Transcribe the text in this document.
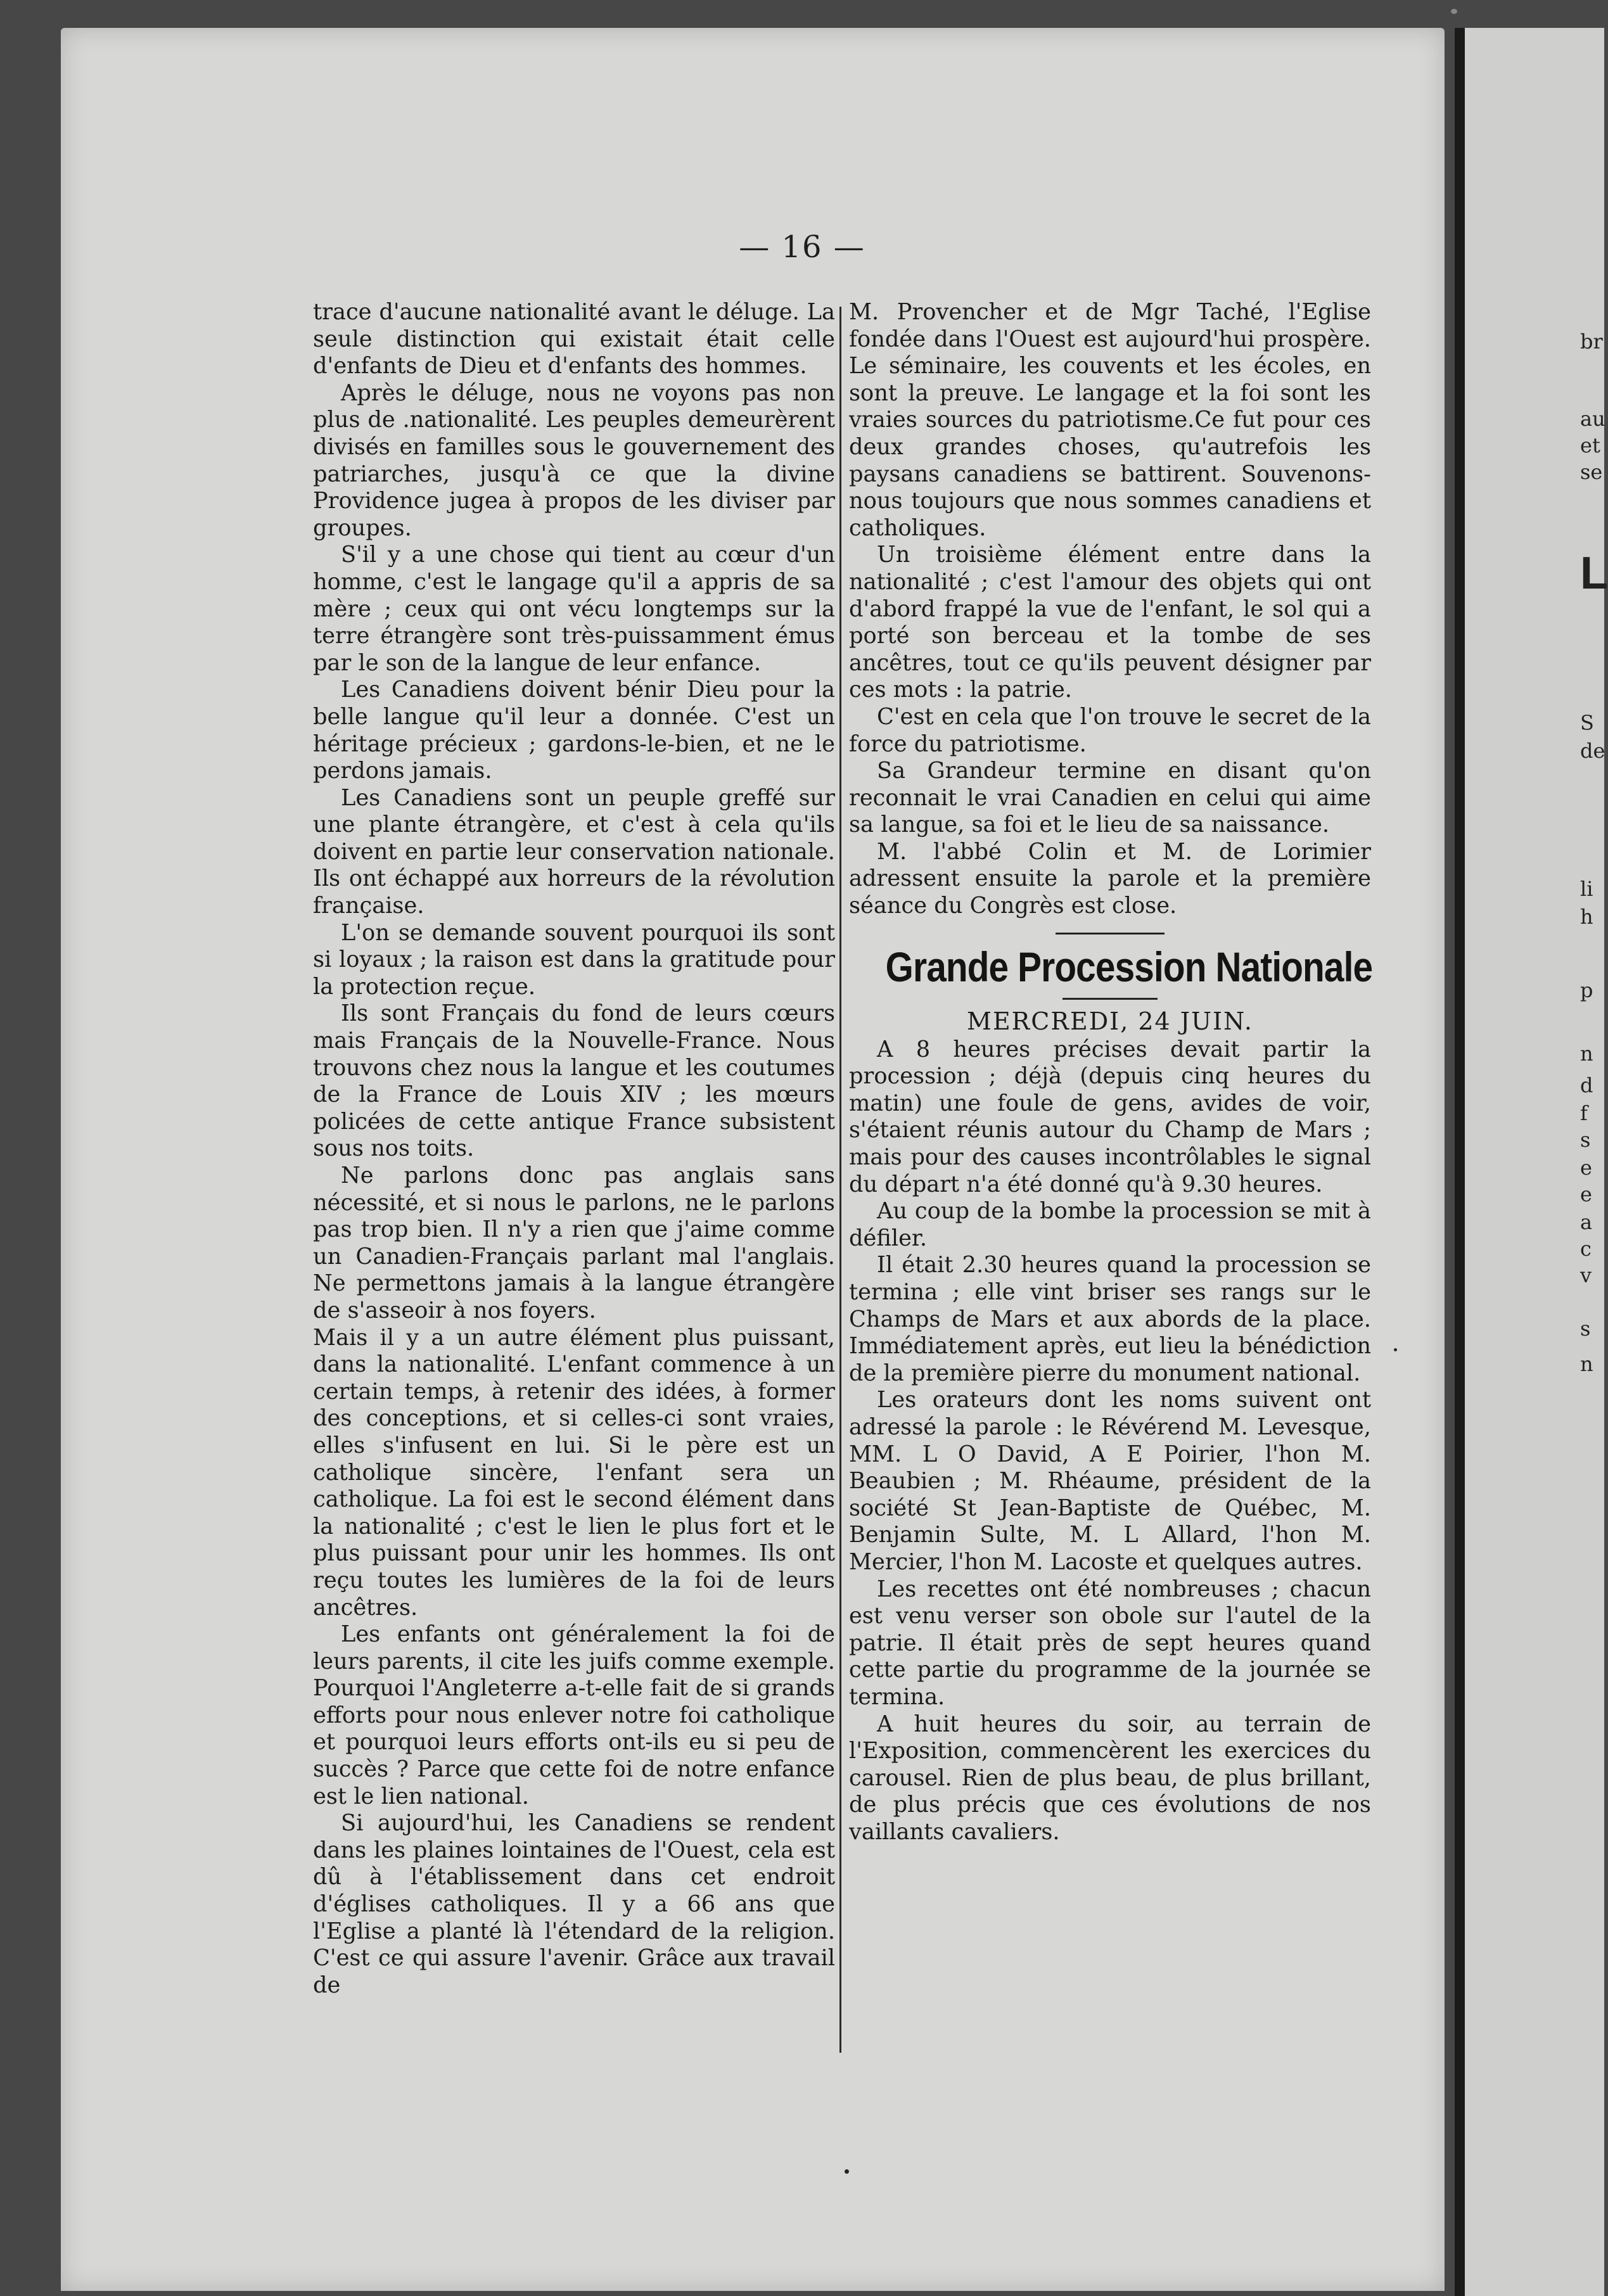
br
au
et
se
L
S
de
li
h
p
n
d
f
s
e
e
a
c
v
s
n
— 16 —

trace d'aucune nationalité avant le déluge. La seule distinction qui existait était celle d'enfants de Dieu et d'enfants des hommes.

Après le déluge, nous ne voyons pas non plus de .nationalité. Les peuples demeurèrent divisés en familles sous le gouvernement des patriarches, jusqu'à ce que la divine Providence jugea à propos de les diviser par groupes.

S'il y a une chose qui tient au cœur d'un homme, c'est le langage qu'il a appris de sa mère ; ceux qui ont vécu longtemps sur la terre étrangère sont très-puissamment émus par le son de la langue de leur enfance.

Les Canadiens doivent bénir Dieu pour la belle langue qu'il leur a donnée. C'est un héritage précieux ; gardons-le-bien, et ne le perdons jamais.

Les Canadiens sont un peuple greffé sur une plante étrangère, et c'est à cela qu'ils doivent en partie leur conservation nationale. Ils ont échappé aux horreurs de la révolution française.

L'on se demande souvent pourquoi ils sont si loyaux ; la raison est dans la gratitude pour la protection reçue.

Ils sont Français du fond de leurs cœurs mais Français de la Nouvelle-France. Nous trouvons chez nous la langue et les coutumes de la France de Louis XIV ; les mœurs policées de cette antique France subsistent sous nos toits.

Ne parlons donc pas anglais sans nécessité, et si nous le parlons, ne le parlons pas trop bien. Il n'y a rien que j'aime comme un Canadien-Français parlant mal l'anglais. Ne permettons jamais à la langue étrangère de s'asseoir à nos foyers.

Mais il y a un autre élément plus puissant, dans la nationalité. L'enfant commence à un certain temps, à retenir des idées, à former des conceptions, et si celles-ci sont vraies, elles s'infusent en lui. Si le père est un catholique sincère, l'enfant sera un catholique. La foi est le second élément dans la nationalité ; c'est le lien le plus fort et le plus puissant pour unir les hommes. Ils ont reçu toutes les lumières de la foi de leurs ancêtres.

Les enfants ont généralement la foi de leurs parents, il cite les juifs comme exemple. Pourquoi l'Angleterre a-t-elle fait de si grands efforts pour nous enlever notre foi catholique et pourquoi leurs efforts ont-ils eu si peu de succès ? Parce que cette foi de notre enfance est le lien national.

Si aujourd'hui, les Canadiens se rendent dans les plaines lointaines de l'Ouest, cela est dû à l'établissement dans cet endroit d'églises catholiques. Il y a 66 ans que l'Eglise a planté là l'étendard de la religion. C'est ce qui assure l'avenir. Grâce aux travail de

M. Provencher et de Mgr Taché, l'Eglise fondée dans l'Ouest est aujourd'hui prospère. Le séminaire, les couvents et les écoles, en sont la preuve. Le langage et la foi sont les vraies sources du patriotisme.Ce fut pour ces deux grandes choses, qu'autrefois les paysans canadiens se battirent. Souvenons-nous toujours que nous sommes canadiens et catholiques.

Un troisième élément entre dans la nationalité ; c'est l'amour des objets qui ont d'abord frappé la vue de l'enfant, le sol qui a porté son berceau et la tombe de ses ancêtres, tout ce qu'ils peuvent désigner par ces mots : la patrie.

C'est en cela que l'on trouve le secret de la force du patriotisme.

Sa Grandeur termine en disant qu'on reconnait le vrai Canadien en celui qui aime sa langue, sa foi et le lieu de sa naissance.

M. l'abbé Colin et M. de Lorimier adressent ensuite la parole et la première séance du Congrès est close.

Grande Procession Nationale

MERCREDI, 24 JUIN.

A 8 heures précises devait partir la procession ; déjà (depuis cinq heures du matin) une foule de gens, avides de voir, s'étaient réunis autour du Champ de Mars ; mais pour des causes incontrôlables le signal du départ n'a été donné qu'à 9.30 heures.

Au coup de la bombe la procession se mit à défiler.

Il était 2.30 heures quand la procession se termina ; elle vint briser ses rangs sur le Champs de Mars et aux abords de la place. Immédiatement après, eut lieu la bénédiction de la première pierre du monument national.

Les orateurs dont les noms suivent ont adressé la parole : le Révérend M. Levesque, MM. L O David, A E Poirier, l'hon M. Beaubien ; M. Rhéaume, président de la société St Jean-Baptiste de Québec, M. Benjamin Sulte, M. L Allard, l'hon M. Mercier, l'hon M. Lacoste et quelques autres.

Les recettes ont été nombreuses ; chacun est venu verser son obole sur l'autel de la patrie. Il était près de sept heures quand cette partie du programme de la journée se termina.

A huit heures du soir, au terrain de l'Exposition, commencèrent les exercices du carousel. Rien de plus beau, de plus brillant, de plus précis que ces évolutions de nos vaillants cavaliers.
